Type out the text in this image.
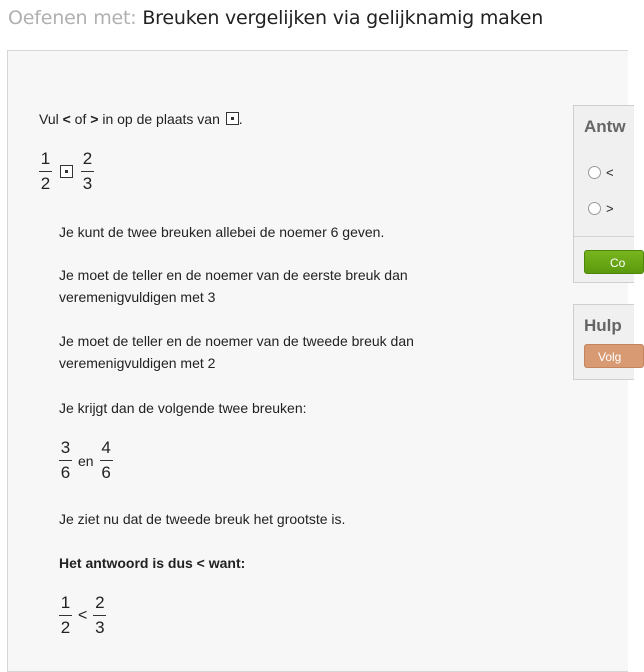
Oefenen met: Breuken vergelijken via gelijknamig maken
Vul < of > in op de plaats van .
$\frac{1}{2} \frac{2}{3}$
Je kunt de twee breuken allebei de noemer 6 geven.
Je moet de teller en de noemer van de eerste breuk dan veremenigvuldigen met 3
Je moet de teller en de noemer van de tweede breuk dan veremenigvuldigen met 2
Je krijgt dan de volgende twee breuken:
$\frac{3}{6}$ en $\frac{4}{6}$
Je ziet nu dat de tweede breuk het grootste is.
Het antwoord is dus < want:
$\frac{1}{2} < \frac{2}{3}$
Antw
<
>
Co
Hulp
Volg
